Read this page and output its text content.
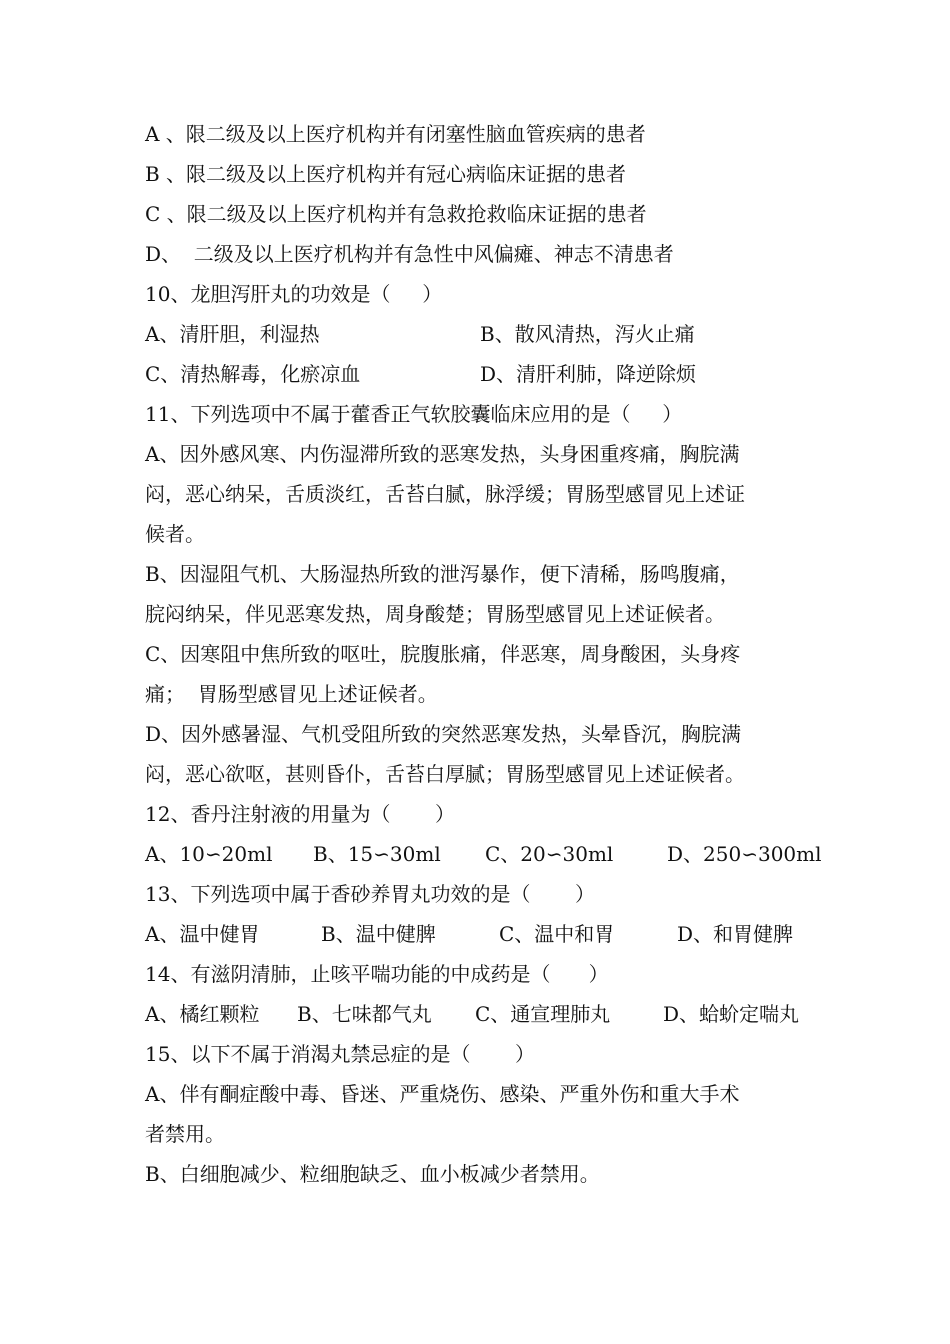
A 、限二级及以上医疗机构并有闭塞性脑血管疾病的患者
B 、限二级及以上医疗机构并有冠心病临床证据的患者
C 、限二级及以上医疗机构并有急救抢救临床证据的患者
D、  二级及以上医疗机构并有急性中风偏瘫、神志不清患者
10、龙胆泻肝丸的功效是（     ）

A、清肝胆，利湿热

	B、散风清热，泻火止痛

C、清热解毒，化瘀凉血

	D、清肝利肺，降逆除烦

11、下列选项中不属于藿香正气软胶囊临床应用的是（     ）
A、因外感风寒、内伤湿滞所致的恶寒发热，头身困重疼痛，胸脘满
闷，恶心纳呆，舌质淡红，舌苔白腻，脉浮缓；胃肠型感冒见上述证
候者。
B、因湿阻气机、大肠湿热所致的泄泻暴作，便下清稀，肠鸣腹痛，
脘闷纳呆，伴见恶寒发热，周身酸楚；胃肠型感冒见上述证候者。
C、因寒阻中焦所致的呕吐，脘腹胀痛，伴恶寒，周身酸困，头身疼
痛；  胃肠型感冒见上述证候者。
D、因外感暑湿、气机受阻所致的突然恶寒发热，头晕昏沉，胸脘满
闷，恶心欲呕，甚则昏仆，舌苔白厚腻；胃肠型感冒见上述证候者。
12、香丹注射液的用量为（       ）

A、10∽20ml

B、15∽30ml

C、20∽30ml

	D、250∽300ml

13、下列选项中属于香砂养胃丸功效的是（       ）

A、温中健胃

	B、温中健脾

	C、温中和胃

	D、和胃健脾

14、有滋阴清肺，止咳平喘功能的中成药是（      ）

A、橘红颗粒

B、七味都气丸

C、通宣理肺丸

	D、蛤蚧定喘丸

15、以下不属于消渴丸禁忌症的是（       ）
A、伴有酮症酸中毒、昏迷、严重烧伤、感染、严重外伤和重大手术
者禁用。
B、白细胞减少、粒细胞缺乏、血小板减少者禁用。
